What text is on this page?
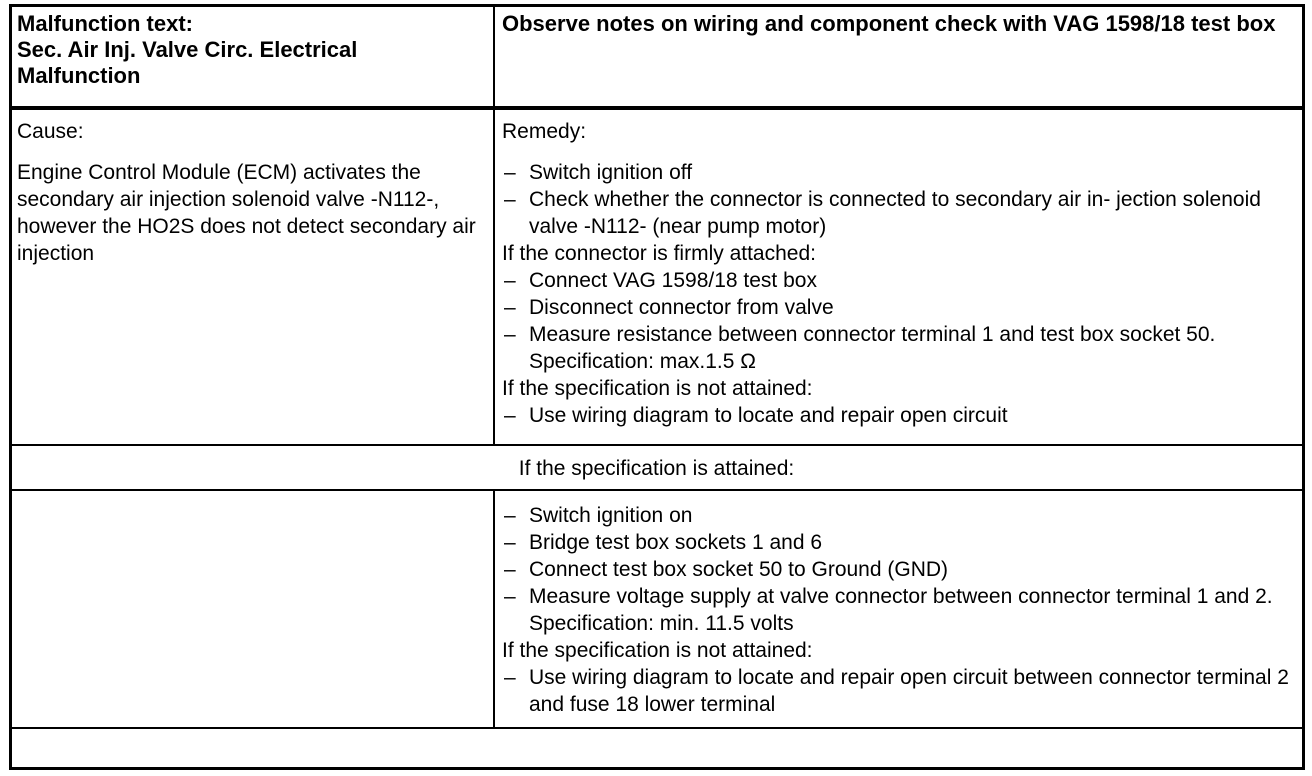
Malfunction text:
Sec. Air Inj. Valve Circ. Electrical
Malfunction
Observe notes on wiring and component check with VAG 1598/18 test box
Cause:
Engine Control Module (ECM) activates the secondary air injection solenoid valve -N112-, however the HO2S does not detect secondary air injection
Remedy:
– Switch ignition off
– Check whether the connector is connected to secondary air in- jection solenoid valve -N112- (near pump motor)
If the connector is firmly attached:
– Connect VAG 1598/18 test box
– Disconnect connector from valve
– Measure resistance between connector terminal 1 and test box socket 50. Specification: max.1.5 Ω
If the specification is not attained:
– Use wiring diagram to locate and repair open circuit
If the specification is attained:
– Switch ignition on
– Bridge test box sockets 1 and 6
– Connect test box socket 50 to Ground (GND)
– Measure voltage supply at valve connector between connector terminal 1 and 2. Specification: min. 11.5 volts
If the specification is not attained:
– Use wiring diagram to locate and repair open circuit between connector terminal 2 and fuse 18 lower terminal
